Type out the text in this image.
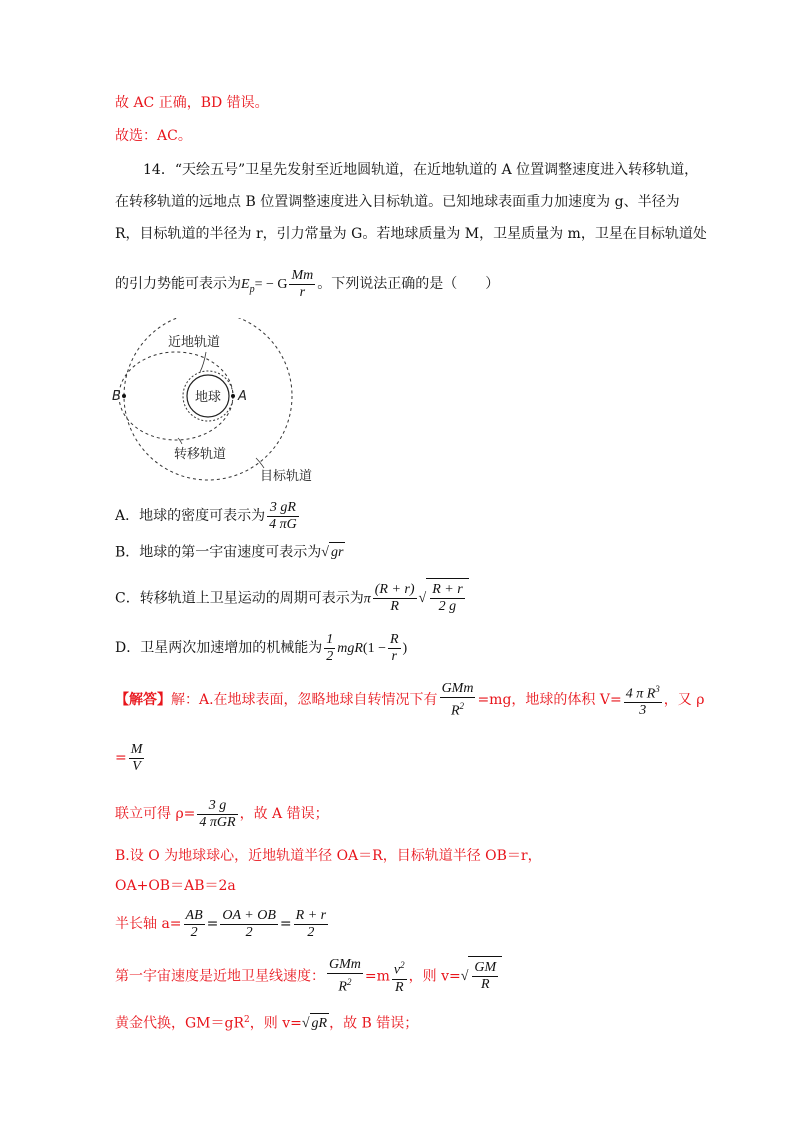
故 AC 正确，BD 错误。
故选：AC。
14．“天绘五号”卫星先发射至近地圆轨道，在近地轨道的 A 位置调整速度进入转移轨道，
在转移轨道的远地点 B 位置调整速度进入目标轨道。已知地球表面重力加速度为 g、半径为
R，目标轨道的半径为 r，引力常量为 G。若地球质量为 M，卫星质量为 m，卫星在目标轨道处
的引力势能可表示为$E_p= - G \frac{Mm}{r}$ 。下列说法正确的是（　　）
地球 A
B
近地轨道
转移轨道
目标轨道
A．地球的密度可表示为 $\frac{3 gR}{4 \pi G}$
B．地球的第一宇宙速度可表示为√ gr
C．转移轨道上卫星运动的周期可表示为π $\frac{(R + r)}{R}$ √ $\frac{R + r}{2 g}$
D．卫星两次加速增加的机械能为 $\frac{1}{2} mgR(1 - \frac{R}{r}$ )
【解答】解：A.在地球表面，忽略地球自转情况下有 $\frac{\text{GMm}}{R^2} =mg$，地球的体积 $V= \frac{4 \pi R^3}{3}$ ，又 ρ
= $\frac{M}{V}$
联立可得 $\rho= \frac{3 g}{\text{4 πGR}}$ ，故 A 错误；
B.设 O 为地球球心，近地轨道半径 OA＝R，目标轨道半径 OB＝r，
OA+OB＝AB＝2a
半长轴 $a= \frac{AB}{2} = \frac{OA + OB}{2} = \frac{R + r}{2}$
第一宇宙速度是近地卫星线速度： $\frac{\text{GMm}}{R^2} =m \frac{v^2}{R}$ ，则 $v=√ \frac{GM}{R}$
黄金代换，$GM=gR^2$，则 v=√ gR ，故 B 错误；
